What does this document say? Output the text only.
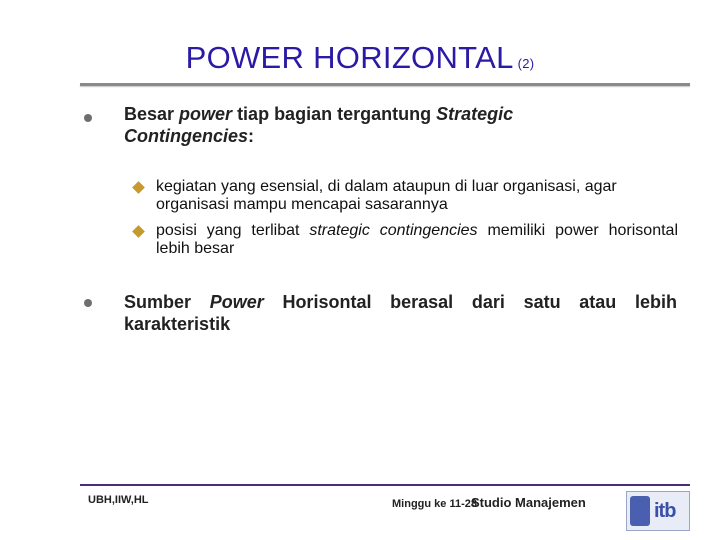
POWER HORIZONTAL (2)
Besar power tiap bagian tergantung Strategic
Contingencies:
kegiatan yang esensial, di dalam ataupun di luar organisasi, agar organisasi mampu mencapai sasarannya
posisi yang terlibat strategic contingencies memiliki power horisontal lebih besar
Sumber Power Horisontal berasal dari satu atau lebih karakteristik
UBH,IIW,HL	Minggu ke 11-28Studio Manajemen	itb
